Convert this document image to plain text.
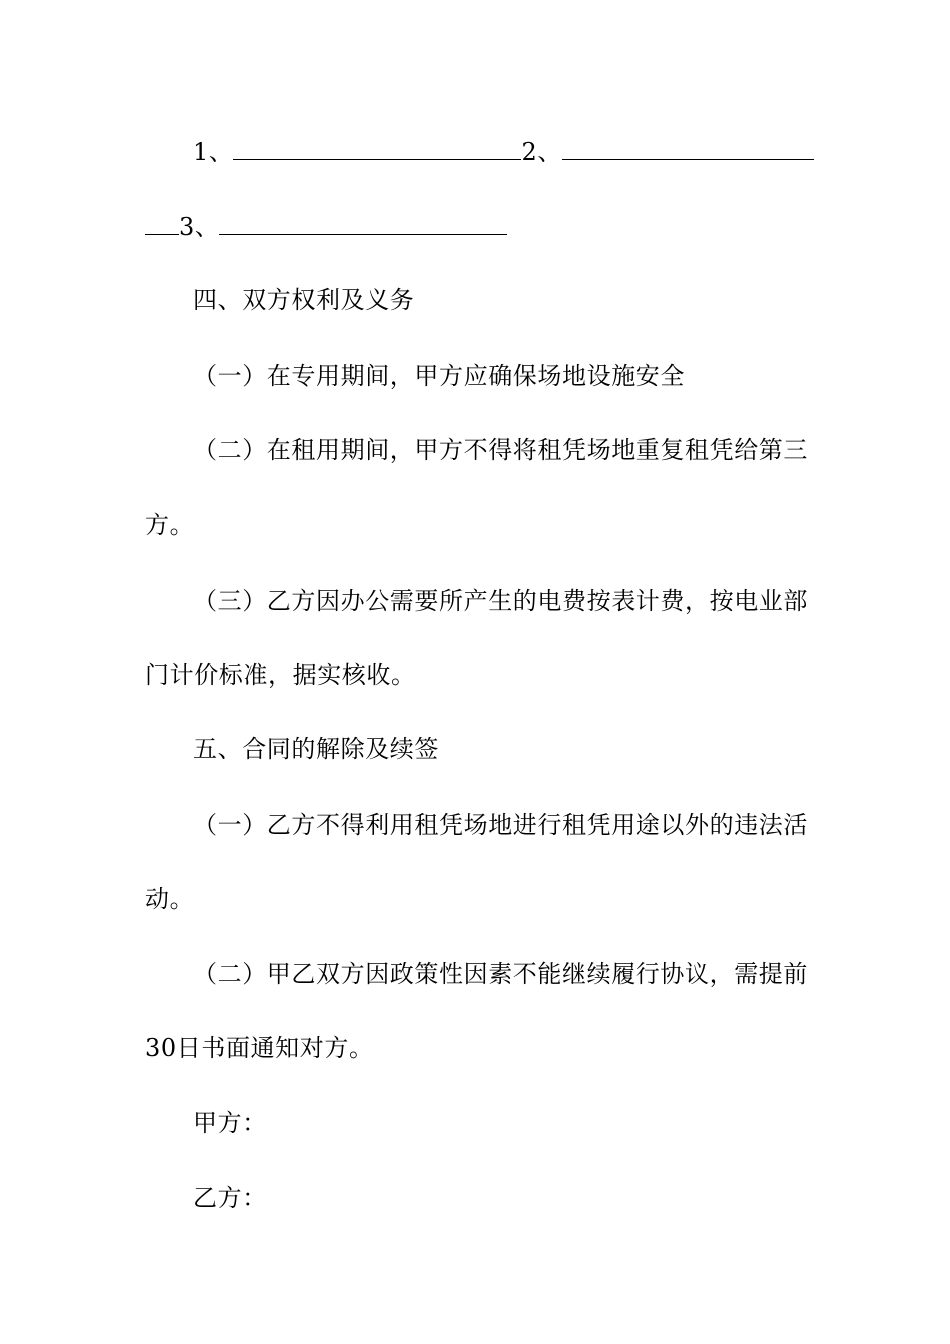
1、	2、
3、
四、双方权利及义务
（一）在专用期间，甲方应确保场地设施安全
（二）在租用期间，甲方不得将租凭场地重复租凭给第三
方。
（三）乙方因办公需要所产生的电费按表计费，按电业部
门计价标准，据实核收。
五、合同的解除及续签
（一）乙方不得利用租凭场地进行租凭用途以外的违法活
动。
（二）甲乙双方因政策性因素不能继续履行协议，需提前
30日书面通知对方。
甲方：
乙方：
